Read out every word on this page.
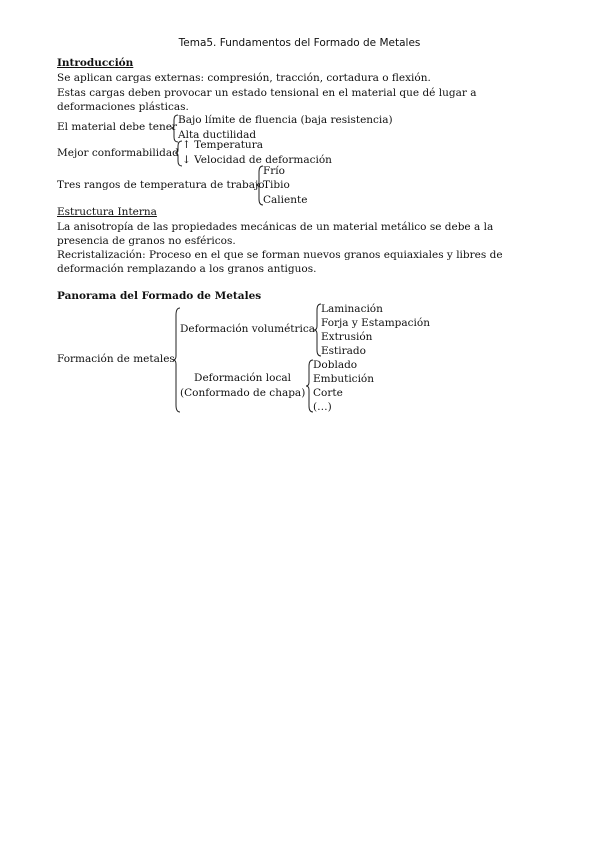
Tema5. Fundamentos del Formado de Metales
Introducción
Se aplican cargas externas: compresión, tracción, cortadura o flexión.
Estas cargas deben provocar un estado tensional en el material que dé lugar a deformaciones plásticas.
El material debe tener
Bajo límite de fluencia (baja resistencia)
Alta ductilidad
Mejor conformabilidad
↑ Temperatura
↓ Velocidad de deformación
Tres rangos de temperatura de trabajo
Frío
Tibio
Caliente
Estructura Interna
La anisotropía de las propiedades mecánicas de un material metálico se debe a la presencia de granos no esféricos.
Recristalización: Proceso en el que se forman nuevos granos equiaxiales y libres de deformación remplazando a los granos antiguos.
Panorama del Formado de Metales
Formación de metales
Deformación volumétrica
Laminación
Forja y Estampación
Extrusión
Estirado
Deformación local
(Conformado de chapa)
Doblado
Embutición
Corte
(…)
